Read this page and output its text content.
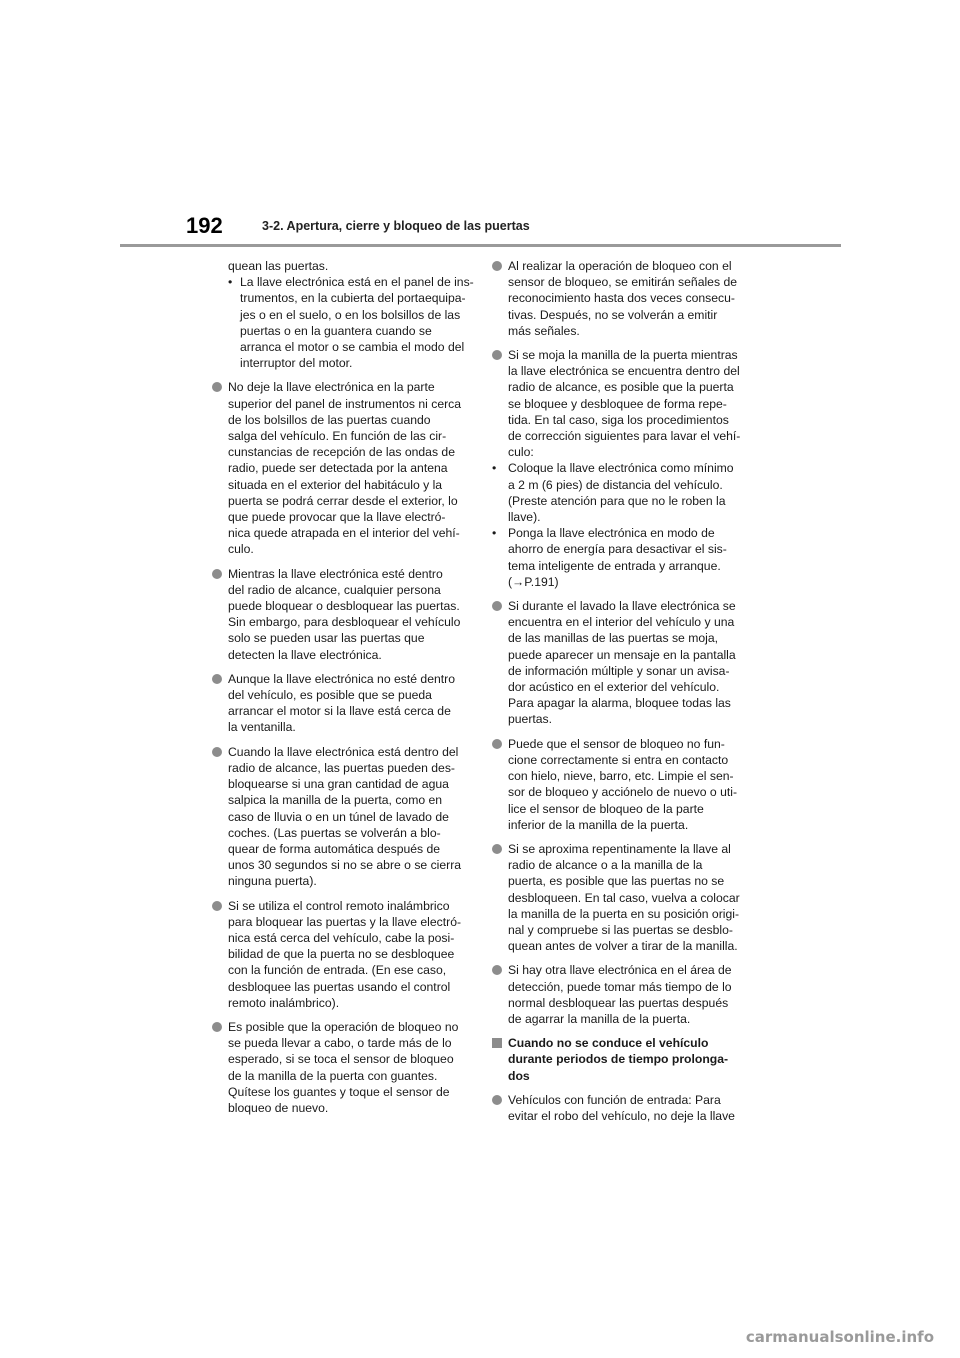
192	3-2. Apertura, cierre y bloqueo de las puertas
quean las puertas.
• La llave electrónica está en el panel de ins-
trumentos, en la cubierta del portaequipa-
jes o en el suelo, o en los bolsillos de las
puertas o en la guantera cuando se
arranca el motor o se cambia el modo del
interruptor del motor.
No deje la llave electrónica en la parte
superior del panel de instrumentos ni cerca
de los bolsillos de las puertas cuando
salga del vehículo. En función de las cir-
cunstancias de recepción de las ondas de
radio, puede ser detectada por la antena
situada en el exterior del habitáculo y la
puerta se podrá cerrar desde el exterior, lo
que puede provocar que la llave electró-
nica quede atrapada en el interior del vehí-
culo.
Mientras la llave electrónica esté dentro
del radio de alcance, cualquier persona
puede bloquear o desbloquear las puertas.
Sin embargo, para desbloquear el vehículo
solo se pueden usar las puertas que
detecten la llave electrónica.
Aunque la llave electrónica no esté dentro
del vehículo, es posible que se pueda
arrancar el motor si la llave está cerca de
la ventanilla.
Cuando la llave electrónica está dentro del
radio de alcance, las puertas pueden des-
bloquearse si una gran cantidad de agua
salpica la manilla de la puerta, como en
caso de lluvia o en un túnel de lavado de
coches. (Las puertas se volverán a blo-
quear de forma automática después de
unos 30 segundos si no se abre o se cierra
ninguna puerta).
Si se utiliza el control remoto inalámbrico
para bloquear las puertas y la llave electró-
nica está cerca del vehículo, cabe la posi-
bilidad de que la puerta no se desbloquee
con la función de entrada. (En ese caso,
desbloquee las puertas usando el control
remoto inalámbrico).
Es posible que la operación de bloqueo no
se pueda llevar a cabo, o tarde más de lo
esperado, si se toca el sensor de bloqueo
de la manilla de la puerta con guantes.
Quítese los guantes y toque el sensor de
bloqueo de nuevo.
Al realizar la operación de bloqueo con el
sensor de bloqueo, se emitirán señales de
reconocimiento hasta dos veces consecu-
tivas. Después, no se volverán a emitir
más señales.
Si se moja la manilla de la puerta mientras
la llave electrónica se encuentra dentro del
radio de alcance, es posible que la puerta
se bloquee y desbloquee de forma repe-
tida. En tal caso, siga los procedimientos
de corrección siguientes para lavar el vehí-
culo:
• Coloque la llave electrónica como mínimo
a 2 m (6 pies) de distancia del vehículo.
(Preste atención para que no le roben la
llave).
• Ponga la llave electrónica en modo de
ahorro de energía para desactivar el sis-
tema inteligente de entrada y arranque.
(→P.191)
Si durante el lavado la llave electrónica se
encuentra en el interior del vehículo y una
de las manillas de las puertas se moja,
puede aparecer un mensaje en la pantalla
de información múltiple y sonar un avisa-
dor acústico en el exterior del vehículo.
Para apagar la alarma, bloquee todas las
puertas.
Puede que el sensor de bloqueo no fun-
cione correctamente si entra en contacto
con hielo, nieve, barro, etc. Limpie el sen-
sor de bloqueo y acciónelo de nuevo o uti-
lice el sensor de bloqueo de la parte
inferior de la manilla de la puerta.
Si se aproxima repentinamente la llave al
radio de alcance o a la manilla de la
puerta, es posible que las puertas no se
desbloqueen. En tal caso, vuelva a colocar
la manilla de la puerta en su posición origi-
nal y compruebe si las puertas se desblo-
quean antes de volver a tirar de la manilla.
Si hay otra llave electrónica en el área de
detección, puede tomar más tiempo de lo
normal desbloquear las puertas después
de agarrar la manilla de la puerta.
Cuando no se conduce el vehículo
durante periodos de tiempo prolonga-
dos
Vehículos con función de entrada: Para
evitar el robo del vehículo, no deje la llave
carmanualsonline.info
